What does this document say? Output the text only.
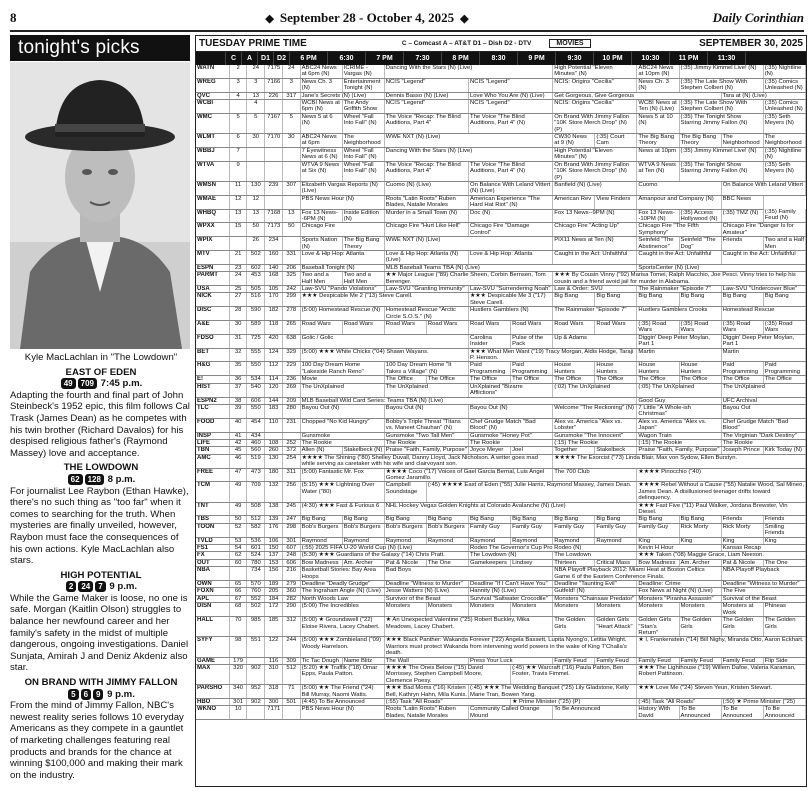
8	◆ September 28 - October 4, 2025 ◆	Daily Corinthian
tonight's picks
Kyle MacLachlan in "The Lowdown"
EAST OF EDEN
49 709 7:45 p.m.

Adapting the fourth and final part of John Steinbeck's 1952 epic, this film follows Cal Trask (James Dean) as he competes with his twin brother (Richard Davalos) for his despised religious father's (Raymond Massey) love and acceptance.

THE LOWDOWN
62 128 8 p.m.

For journalist Lee Raybon (Ethan Hawke), there's no such thing as "too far" when it comes to searching for the truth. When mysteries are finally unveiled, however, Raybon must face the consequences of his own actions. Kyle MacLachlan also stars.

HIGH POTENTIAL
2 24 7 9 p.m.

While the Game Maker is loose, no one is safe. Morgan (Kaitlin Olson) struggles to balance her newfound career and her family's safety in the midst of multiple dangerous, ongoing investigations. Daniel Sunjata, Amirah J and Deniz Akdeniz also star.

ON BRAND WITH JIMMY FALLON
5 6 9 9 p.m.

From the mind of Jimmy Fallon, NBC's newest reality series follows 10 everyday Americans as they compete in a gauntlet of marketing challenges featuring real products and brands for the chance at winning $100,000 and making their mark on the industry.

TUESDAY PRIME TIME	C – Comcast A – AT&T D1 – Dish D2 - DTV	MOVIES	SEPTEMBER 30, 2025
C	A	D1	D2	6 PM	6:30	7 PM	7:30	8 PM	8:30	9 PM	9:30	10 PM	10:30	11 PM	11:30
WATN	2	24	7175	24	ABC24 News at 6pm (N)	ICRIME - Vargas (N)	Dancing With the Stars (N) (Live)				High Potential "Eleven Minutes" (N)		ABC24 News at 10pm (N)	(:35) Jimmy Kimmel Live! (N)		(:35) Nightline (N)
WREG	3	3	7166	3	News Ch. 3 (N)	Entertainment Tonight (N)	NCIS "Legend"		NCIS "Legend"		NCIS: Origins "Cecilia"		News Ch. 3 (N)	(:35) The Late Show With Stephen Colbert (N)		(:35) Comics Unleashed (N)
QVC	4	13	226	317	Jane's Secrets (N) (Live)		Dennis Basso (N) (Live)		Love Who You Are (N) (Live)		Get Gorgeous, Give Gorgeous				Tara at (N) (Live)	
WCBI		4			WCBI News at 6pm (N)	The Andy Griffith Show	NCIS "Legend"		NCIS "Legend"		NCIS: Origins "Cecilia"		WCBI News at Ten (N) (Live)	(:35) The Late Show With Stephen Colbert (N)		(:35) Comics Unleashed (N)
WMC	5	5	7167	5	News 5 at 6 (N)	Wheel "Fall Into Fall" (N)	The Voice "Recap: The Blind Auditions, Part 4"		The Voice "The Blind Auditions, Part 4" (N)		On Brand With Jimmy Fallon "10K Store Merch Drop" (N) (P)		News 5 at 10 (N)	(:35) The Tonight Show Starring Jimmy Fallon (N)		(:35) Seth Meyers (N)
WLMT	6	30	7170	30	ABC24 News at 6pm	The Neighborhood	WWE NXT (N) (Live)				CW30 News at 9 (N)	(:35) Court Cam	The Big Bang Theory	The Big Bang Theory	The Neighborhood	The Neighborhood
WBBJ	7				7 Eyewitness News at 6 (N)	Wheel "Fall Into Fall" (N)	Dancing With the Stars (N) (Live)				High Potential "Eleven Minutes" (N)		News at 10pm	(:35) Jimmy Kimmel Live! (N)		(:35) Nightline (N)
WTVA	9				WTVA 9 News at Six (N)	Wheel "Fall Into Fall" (N)	The Voice "Recap: The Blind Auditions, Part 4"		The Voice "The Blind Auditions, Part 4" (N)		On Brand With Jimmy Fallon "10K Store Merch Drop" (N) (P)		WTVA 9 News at Ten (N)	(:35) The Tonight Show Starring Jimmy Fallon (N)		(:35) Seth Meyers (N)
WMSN	11	130	239	307	Elizabeth Vargas Reports (N) (Live)		Cuomo (N) (Live)		On Balance With Leland Vittert (N) (Live)		Banfield (N) (Live)		Cuomo		On Balance With Leland Vittert	
WMAE	12	12			PBS News Hour (N)		Roots "Latin Roots" Ruben Blades, Natalie Morales		American Experience "The Hard Hat Riot" (N)		American Rev	View Finders	Amanpour and Company (N)		BBC News	
WHBQ	13	13	7168	13	Fox 13 News--6PM (N)	Inside Edition (N)	Murder in a Small Town (N)		Doc (N)		Fox 13 News--9PM (N)		Fox 13 News--10PM (N)	(:35) Access Hollywood (N)	(:35) TMZ (N)	(:35) Family Feud (N)
WPXX	15	50	7173	50	Chicago Fire		Chicago Fire "Hurt Like Hell"		Chicago Fire "Damage Control"		Chicago Fire "Acting Up"		Chicago Fire "The Fifth Symphony"		Chicago Fire "Danger Is for Amateur"	
WPIX		26	234		Sports Nation (N)	The Big Bang Theory	WWE NXT (N) (Live)				PIX11 News at Ten (N)		Seinfeld "The Abstinence"	Seinfeld "The Dog"	Friends	Two and a Half Men
MTV	21	502	160	331	Love & Hip Hop: Atlanta		Love & Hip Hop: Atlanta (N) (Live)		Love & Hip Hop: Atlanta		Caught in the Act: Unfaithful		Caught in the Act: Unfaithful		Caught in the Act: Unfaithful	
ESPN	23	602	140	206	Baseball Tonight (N)		MLB Baseball Teams TBA (N) (Live)						SportsCenter (N) (Live)			
PARMT	24	453	168	325	Two and a Half Men	Two and a Half Men	★★ Major League ("89) Charlie Sheen, Corbin Bernsen, Tom Berenger.				★★★ By Cousin Vinny ("92) Marisa Tomei, Ralph Macchio, Joe Pesci. Vinny tries to help his cousin and a friend avoid jail for murder in Alabama.					
USA	25	505	105	242	Law-SVU "Pando Violations"		Law-SVU "Granting Immunity"		Law-SVU "Surrendering Noah"		Law & Order: SVU		The Rainmaker "Episode 7"		Law-SVU "Undercover Blue"	
NICK	27	516	170	299	★★★ Despicable Me 2 ("13) Steve Carell.				★★★ Despicable Me 3 ("17) Steve Carell.		Big Bang	Big Bang	Big Bang	Big Bang	Big Bang	Big Bang
DISC	28	590	182	278	(5:00) Homestead Rescue (N)		Homestead Rescue "Arctic Circle S.O.S." (N)		Hustlers Gamblers (N)		The Rainmaker "Episode 7"		Hustlers Gamblers Crooks		Homestead Rescue	
A&E	30	589	118	265	Road Wars	Road Wars	Road Wars	Road Wars	Road Wars	Road Wars	Road Wars	Road Wars	(:35) Road Wars	(:35) Road Wars	(:35) Road Wars	(:35) Road Wars
FDSO	31	725	420	638	Golic / Golic				Carolina Insider	Pulse of the Pack	Up & Adams		Diggin' Deep Peter Moylan, Part 1		Diggin' Deep Peter Moylan, Part 1	
BET	32	555	124	329	(5:00) ★★★ White Chicks ("04) Shawn Wayans.				★★★ What Men Want ("19) Tracy Morgan, Aldis Hodge, Taraji P. Henson.				Martin		Martin	
H&G	35	550	112	229	100 Day Dream Home "Lakeside Ranch Reno"		100 Day Dream Home "It Takes a Village" (N)		Paid Programming	Paid Programming	House Hunters	House Hunters	House Hunters	House Hunters	Paid Programming	Paid Programming
E!	36	534	114	236	Movie		The Office	The Office	The Office	The Office	The Office	The Office	The Office	The Office	The Office	The Office
HIST	37	540	120	269	The UnXplained		The UnXplained		UnXplained "Bizarre Afflictions"		(:02) The UnXplained		(:05) The UnXplained		The UnXplained	
ESPN2	38	606	144	209	MLB Baseball Wild Card Series: Teams TBA (N) (Live)								Good Guy		UFC Archival	
TLC	39	550	183	280	Bayou Out (N)		Bayou Out (N)		Bayou Out (N)		Welcome "The Reckoning" (N)		7 Little "A Whole-ish Christmas"		Bayou Out	
FOOD	40	454	110	231	Chopped "No Kid Hungry"		Bobby's Triple Threat "Titans vs. Maneet Chauhan" (N)		Chef Grudge Match "Bad Blood" (N)		Alex vs. America "Alex vs. Lobster"		Alex vs. America "Alex vs. Japan"		Chef Grudge Match "Bad Blood"	
INSP	41	434			Gunsmoke		Gunsmoke "Two Tall Men"		Gunsmoke "Honey Pot"		Gunsmoke "The Innocent"		Wagon Train		The Virginian "Dark Destiny"	
LIFE	42	460	108	252	The Rookie		The Rookie		The Rookie		(:15) The Rookie		(:15) The Rookie		The Rookie	
TBN	45	560	260	372	Allen (N)	Stakelbeck (N)	Praise "Faith, Family, Purpose"		Joyce Meyer	Joel	Together	Stakelbeck	Praise "Faith, Family, Purpose"		Joseph Prince	Kirk Today (N)
AMC	46	519	130	254	★★★★ The Shining ("80) Shelley Duvall, Danny Lloyd, Jack Nicholson. A writer goes mad while serving as caretaker with his wife and clairvoyant son.						★★★★ The Exorcist ("73) Linda Blair, Max von Sydow, Ellen Burstyn.					
FREE	47	473	180	311	(5:00) Fantastic Mr. Fox		★★★★ Coco ("17) Voices of Gael Garcia Bernal, Luis Angel Gomez Jaramillo.				The 700 Club		★★★★ Pinocchio ("40)			
TCM	49	709	132	256	(5:15) ★★★ Lightning Over Water ("80)		Campbell Soundstage	(:45) ★★★★ East of Eden ("55) Julie Harris, Raymond Massey, James Dean.					★★★★ Rebel Without a Cause ("55) Natalie Wood, Sal Mineo, James Dean. A disillusioned teenager drifts toward delinquency.			
TNT	49	508	138	245	(4:30) ★★★ Fast & Furious 6		NHL Hockey Vegas Golden Knights at Colorado Avalanche (N) (Live)						★★★ Fast Five ("11) Paul Walker, Jordana Brewster, Vin Diesel.			
TBS	50	512	139	247	Big Bang	Big Bang	Big Bang	Big Bang	Big Bang	Big Bang	Big Bang	Big Bang	Big Bang	Big Bang	Friends	Friends
TOON	52	582	176	298	Bob's Burgers	Bob's Burgers	Bob's Burgers	Bob's Burgers	Family Guy	Family Guy	Family Guy	Family Guy	Family Guy	Rick Morty	Rick Morty	Smiling Friends
TVLD	53	536	106	301	Raymond	Raymond	Raymond	Raymond	Raymond	Raymond	Raymond	Raymond	King	King	King	King
FS1	54	601	150	607	(:55) 2025 FIFA U-20 World Cup (N) (Live)				Rodeo The Governor's Cup Pro Rodeo (N)				Kevin H Hour		Kansas Recap	
FX	62	524	137	248	(5:30) ★★★ Guardians of the Galaxy ("14) Chris Pratt.				The Lowdown (N)		The Lowdown		★★★ Taken ("08) Maggie Grace, Liam Neeson.			
OUT	60	780	153	606	Bow Madness	Am. Archer	Pat & Nicole	The One	Gamekeepers	Lindsey	Thirteen	Critical Mass	Bow Madness	Am. Archer	Pat & Nicole	The One
NBA		734	156	216	Basketball Stories: Bay Area Hoops		Bad Boys				NBA Playoff Playback 2012: Miami Heat at Boston Celtics Game 6 of the Eastern Conference Finals.				NBA Playoff Playback	
OWN	65	570	189	279	Deadline "Deadly Grudge"		Deadline "Witness to Murder"		Deadline "If I Can't Have You"		Deadline "Taunting Evil"		Deadline: Crime		Deadline "Witness to Murder"	
FOXN	66	760	205	360	The Ingraham Angle (N) (Live)		Jesse Watters (N) (Live)		Hannity (N) (Live)		Gutfeld! (N)		Fox News at Night (N) (Live)		The Five	
APL	67	552	184	282	North Woods Law		Survivor of the Beast		Survival "Saltwater Crocodile"		Monsters "Chainsaw Predator"		Monsters "Piranha Assassin"		Survival of the Beast	
DISN	68	502	172	290	(5:00) The Incredibles		Monsters	Monsters	Monsters	Monsters	Monsters	Monsters	Monsters	Monsters	Monsters at Work	Phineas
HALL	70	985	185	312	(5:00) ★ Groundswell ("22) Eloise Rivera, Lacey Chabert.		★ An Unexpected Valentine ("25) Robert Buckley, Mika Meadows, Lacey Chabert.				The Golden Girls	Golden Girls "Heart Attack"	Golden Girls "Stan's Return"	The Golden Girls	The Golden Girls	The Golden Girls
SYFY	98	551	122	244	(5:00) ★★★ Zombieland ("09) Woody Harrelson.		★★★ Black Panther: Wakanda Forever ("22) Angela Bassett, Lupita Nyong'o, Letitia Wright. Warriors must protect Wakanda from intervening world powers in the wake of King T'Challa's death.						★ I, Frankenstein ("14) Bill Nighy, Miranda Otto, Aaron Eckhart.			
GAME	179		116	309	Tic Tac Dough	Name Blitz	The Wall		Press Your Luck		Family Feud	Family Feud	Family Feud	Family Feud	Family Feud	Flip Side
MAX	320	902	310	512	(5:20) ★★ Traffik ("18) Omar Epps, Paula Patton.		★★★★ The Ones Below ("15) David Morrissey, Stephen Campbell Moore, Clemence Poesy.			(:45) ★★ Warcraft ("16) Paula Patton, Ben Foster, Travis Fimmel.			★★★ The Lighthouse ("19) Willem Dafoe, Valeria Karaman, Robert Pattinson.			
PARSHO	340	952	318	71	(5:00) ★★ The Friend ("24) Bill Murray, Naomi Watts.		★★★ Bad Moms ("16) Kristen Bell, Kathryn Hahn, Mila Kunis.		(:45) ★★★ The Wedding Banquet ("25) Lily Gladstone, Kelly Marie Tran, Bowen Yang.				★★★ Love Me ("24) Steven Yeun, Kristen Stewart.			
HBO	301	902	300	501	(4:45) To Be Announced		(:55) Task "All Roads"			★ Prime Minister ("25) (P)			(:45) Task "All Roads"		(:50) ★ Prime Minister ("25)	
WKNO	10		7171		PBS News Hour (N)		Roots "Latin Roots" Ruben Blades, Natalie Morales		Community Called Orange Mound		To Be Announced		History With David	To Be Announced	To Be Announced	To Be Announced
